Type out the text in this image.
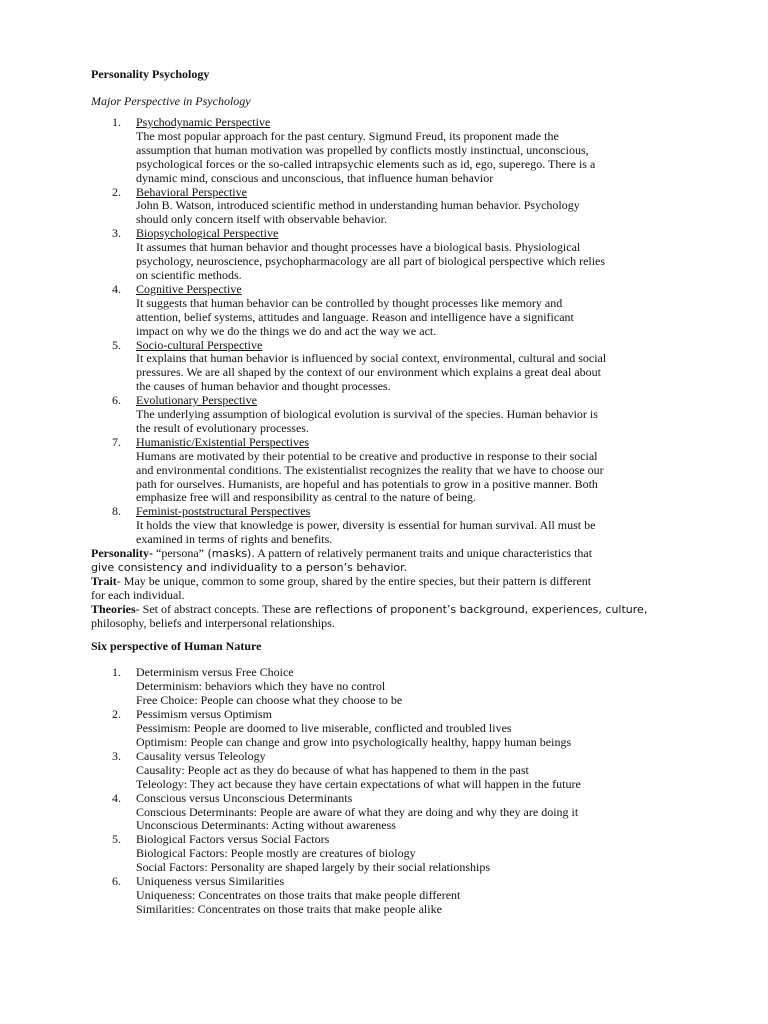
Personality Psychology
Major Perspective in Psychology
1.	Psychodynamic Perspective
The most popular approach for the past century. Sigmund Freud, its proponent made the
assumption that human motivation was propelled by conflicts mostly instinctual, unconscious,
psychological forces or the so-called intrapsychic elements such as id, ego, superego. There is a
dynamic mind, conscious and unconscious, that influence human behavior
2.	Behavioral Perspective
John B. Watson, introduced scientific method in understanding human behavior. Psychology
should only concern itself with observable behavior.
3.	Biopsychological Perspective
It assumes that human behavior and thought processes have a biological basis. Physiological
psychology, neuroscience, psychopharmacology are all part of biological perspective which relies
on scientific methods.
4.	Cognitive Perspective
It suggests that human behavior can be controlled by thought processes like memory and
attention, belief systems, attitudes and language. Reason and intelligence have a significant
impact on why we do the things we do and act the way we act.
5.	Socio-cultural Perspective
It explains that human behavior is influenced by social context, environmental, cultural and social
pressures. We are all shaped by the context of our environment which explains a great deal about
the causes of human behavior and thought processes.
6.	Evolutionary Perspective
The underlying assumption of biological evolution is survival of the species. Human behavior is
the result of evolutionary processes.
7.	Humanistic/Existential Perspectives
Humans are motivated by their potential to be creative and productive in response to their social
and environmental conditions. The existentialist recognizes the reality that we have to choose our
path for ourselves. Humanists, are hopeful and has potentials to grow in a positive manner. Both
emphasize free will and responsibility as central to the nature of being.
8.	Feminist-poststructural Perspectives
It holds the view that knowledge is power, diversity is essential for human survival. All must be
examined in terms of rights and benefits.

Personality- “persona” (masks). A pattern of relatively permanent traits and unique characteristics that
give consistency and individuality to a person’s behavior.

Trait- May be unique, common to some group, shared by the entire species, but their pattern is different
for each individual.

Theories- Set of abstract concepts. These are reflections of proponent’s background, experiences, culture,
philosophy, beliefs and interpersonal relationships.

Six perspective of Human Nature
1.	Determinism versus Free Choice
Determinism: behaviors which they have no control
Free Choice: People can choose what they choose to be
2.	Pessimism versus Optimism
Pessimism: People are doomed to live miserable, conflicted and troubled lives
Optimism: People can change and grow into psychologically healthy, happy human beings
3.	Causality versus Teleology
Causality: People act as they do because of what has happened to them in the past
Teleology: They act because they have certain expectations of what will happen in the future
4.	Conscious versus Unconscious Determinants
Conscious Determinants: People are aware of what they are doing and why they are doing it
Unconscious Determinants: Acting without awareness
5.	Biological Factors versus Social Factors
Biological Factors: People mostly are creatures of biology
Social Factors: Personality are shaped largely by their social relationships
6.	Uniqueness versus Similarities
Uniqueness: Concentrates on those traits that make people different
Similarities: Concentrates on those traits that make people alike
